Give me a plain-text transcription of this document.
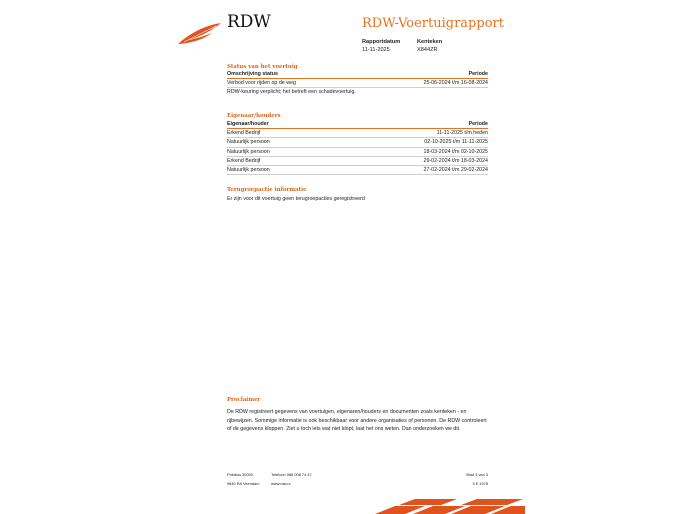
RDW	RDW-Voertuigrapport
Rapportdatum
11-11-2025
Kenteken
X844ZR
Status van het voertuig
Omschrijving status	Periode
Verbod voor rijden op de weg	25-06-2024 t/m 16-08-2024
RDW-keuring verplicht; het betreft een schadevoertuig.
Eigenaar/houders
Eigenaar/houder	Periode
Erkend Bedrijf	11-11-2025 t/m heden
Natuurlijk persoon	02-10-2025 t/m 11-11-2025
Natuurlijk persoon	18-03-2024 t/m 02-10-2025
Erkend Bedrijf	29-02-2024 t/m 18-03-2024
Natuurlijk persoon	27-02-2024 t/m 29-02-2024
Terugroepactie informatie
Er zijn voor dit voertuig geen terugroepacties geregistreerd
Proclaimer
De RDW registreert gegevens van voertuigen, eigenaren/houders en documenten zoals kenteken - en rijbewijzen. Sommige informatie is ook beschikbaar voor andere organisaties of personen. De RDW controleert of de gegevens kloppen. Ziet u toch iets wat niet klopt, laat het ons weten. Dan onderzoeken we dit.
Postbus 30000
9640 RA Veendam
Telefoon 088 008 74 47
www.rdw.nl
Blad 3 van 3
3 E 1978
